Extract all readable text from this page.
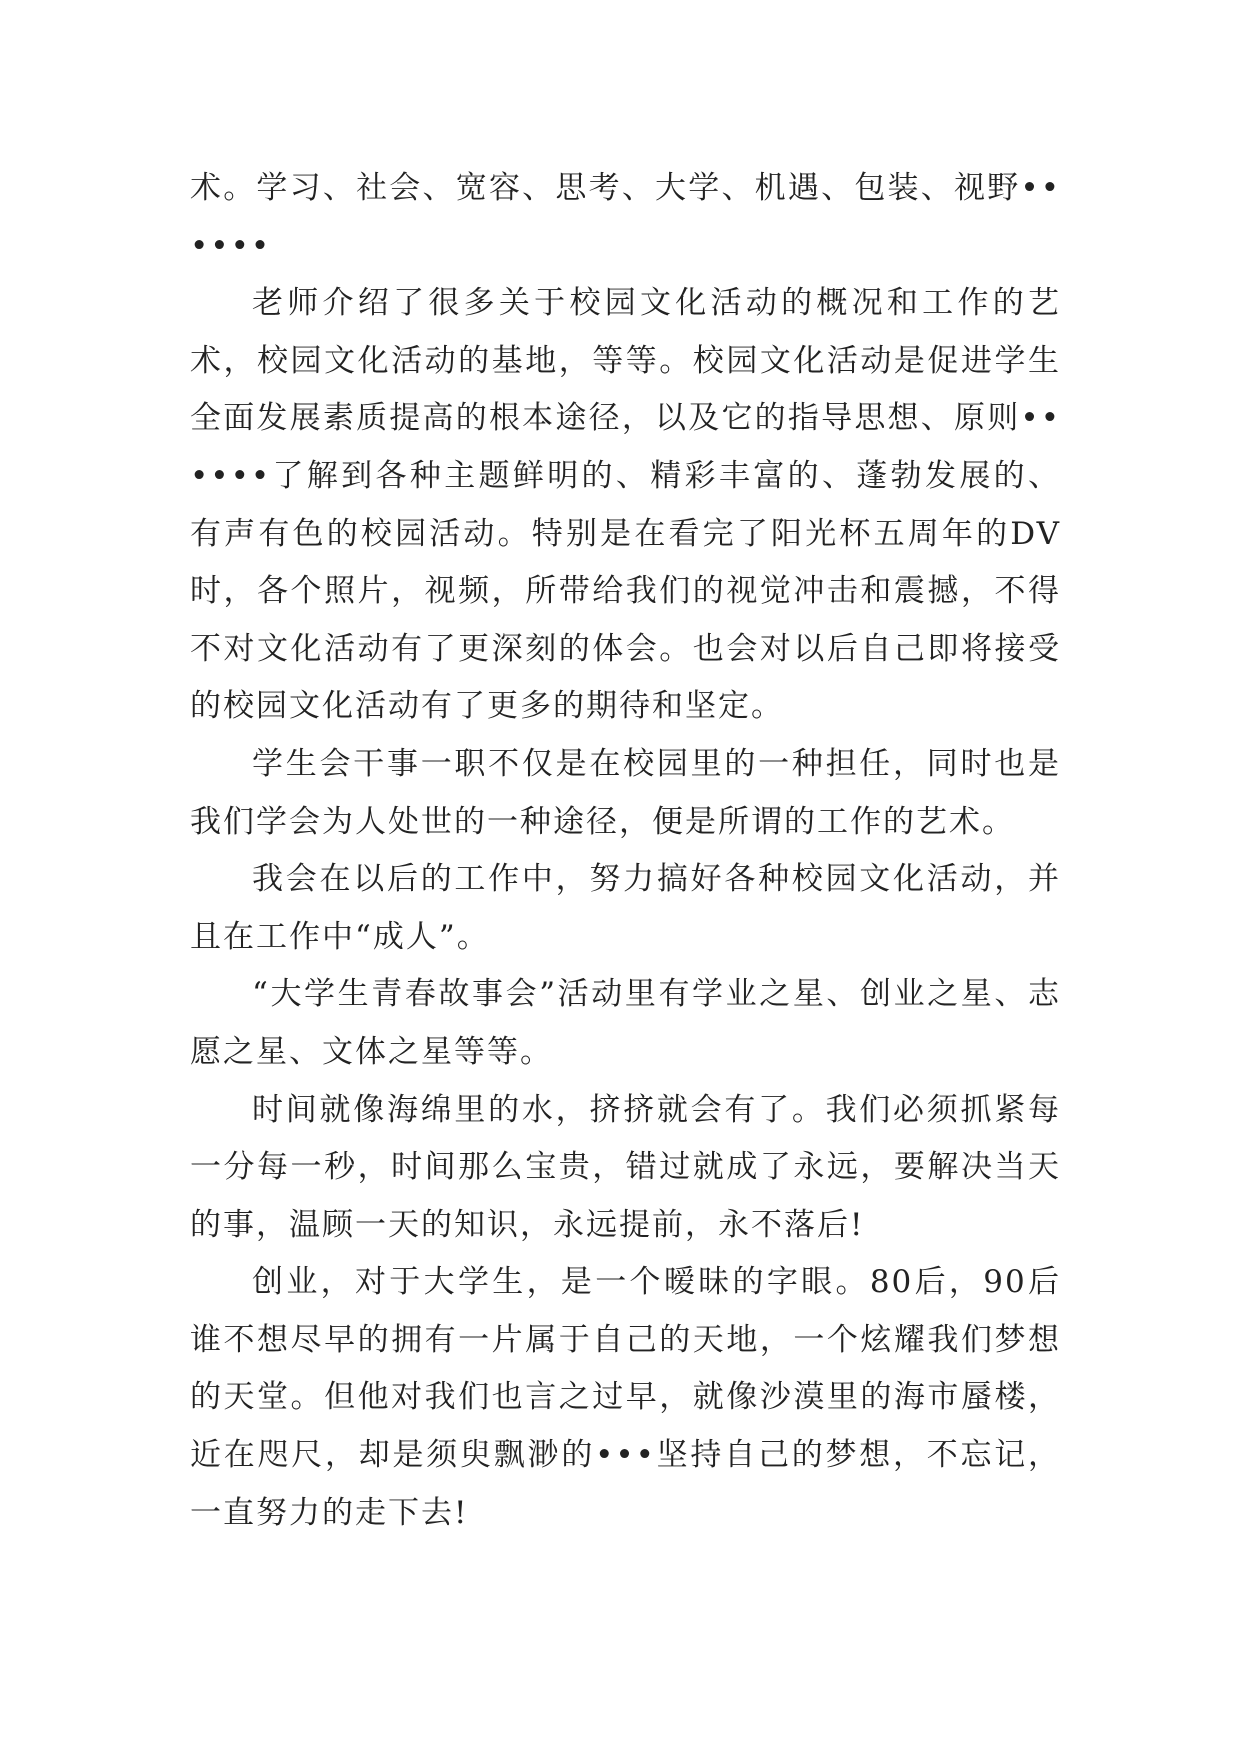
术。学习、社会、宽容、思考、大学、机遇、包装、视野••••••

老师介绍了很多关于校园文化活动的概况和工作的艺术，校园文化活动的基地，等等。校园文化活动是促进学生全面发展素质提高的根本途径，以及它的指导思想、原则••••••了解到各种主题鲜明的、精彩丰富的、蓬勃发展的、有声有色的校园活动。特别是在看完了阳光杯五周年的DV时，各个照片，视频，所带给我们的视觉冲击和震撼，不得不对文化活动有了更深刻的体会。也会对以后自己即将接受的校园文化活动有了更多的期待和坚定。

学生会干事一职不仅是在校园里的一种担任，同时也是我们学会为人处世的一种途径，便是所谓的工作的艺术。

我会在以后的工作中，努力搞好各种校园文化活动，并且在工作中“成人”。

“大学生青春故事会”活动里有学业之星、创业之星、志愿之星、文体之星等等。

时间就像海绵里的水，挤挤就会有了。我们必须抓紧每一分每一秒，时间那么宝贵，错过就成了永远，要解决当天的事，温顾一天的知识，永远提前，永不落后!

创业，对于大学生，是一个暧昧的字眼。80后，90后谁不想尽早的拥有一片属于自己的天地，一个炫耀我们梦想的天堂。但他对我们也言之过早，就像沙漠里的海市蜃楼，近在咫尺，却是须臾飘渺的•••坚持自己的梦想，不忘记，一直努力的走下去!
